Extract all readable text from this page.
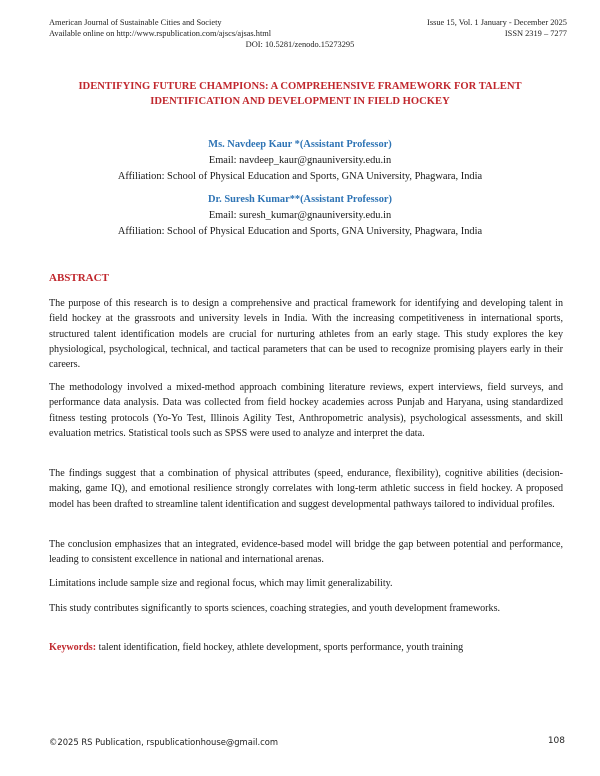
American Journal of Sustainable Cities and Society	Issue 15, Vol. 1 January - December 2025
Available online on http://www.rspublication.com/ajscs/ajsas.html	ISSN 2319 – 7277
DOI: 10.5281/zenodo.15273295
IDENTIFYING FUTURE CHAMPIONS: A COMPREHENSIVE FRAMEWORK FOR TALENT
IDENTIFICATION AND DEVELOPMENT IN FIELD HOCKEY
Ms. Navdeep Kaur *(Assistant Professor)
Email: navdeep_kaur@gnauniversity.edu.in
Affiliation: School of Physical Education and Sports, GNA University, Phagwara, India
Dr. Suresh Kumar**(Assistant Professor)
Email: suresh_kumar@gnauniversity.edu.in
Affiliation: School of Physical Education and Sports, GNA University, Phagwara, India
ABSTRACT

The purpose of this research is to design a comprehensive and practical framework for identifying and developing talent in field hockey at the grassroots and university levels in India. With the increasing competitiveness in international sports, structured talent identification models are crucial for nurturing athletes from an early stage. This study explores the key physiological, psychological, technical, and tactical parameters that can be used to recognize promising players early in their careers.

The methodology involved a mixed-method approach combining literature reviews, expert interviews, field surveys, and performance data analysis. Data was collected from field hockey academies across Punjab and Haryana, using standardized fitness testing protocols (Yo-Yo Test, Illinois Agility Test, Anthropometric analysis), psychological assessments, and skill evaluation metrics. Statistical tools such as SPSS were used to analyze and interpret the data.

The findings suggest that a combination of physical attributes (speed, endurance, flexibility), cognitive abilities (decision-making, game IQ), and emotional resilience strongly correlates with long-term athletic success in field hockey. A proposed model has been drafted to streamline talent identification and suggest developmental pathways tailored to individual profiles.

The conclusion emphasizes that an integrated, evidence-based model will bridge the gap between potential and performance, leading to consistent excellence in national and international arenas.

Limitations include sample size and regional focus, which may limit generalizability.

This study contributes significantly to sports sciences, coaching strategies, and youth development frameworks.

Keywords: talent identification, field hockey, athlete development, sports performance, youth training

©2025 RS Publication, rspublicationhouse@gmail.com	108
